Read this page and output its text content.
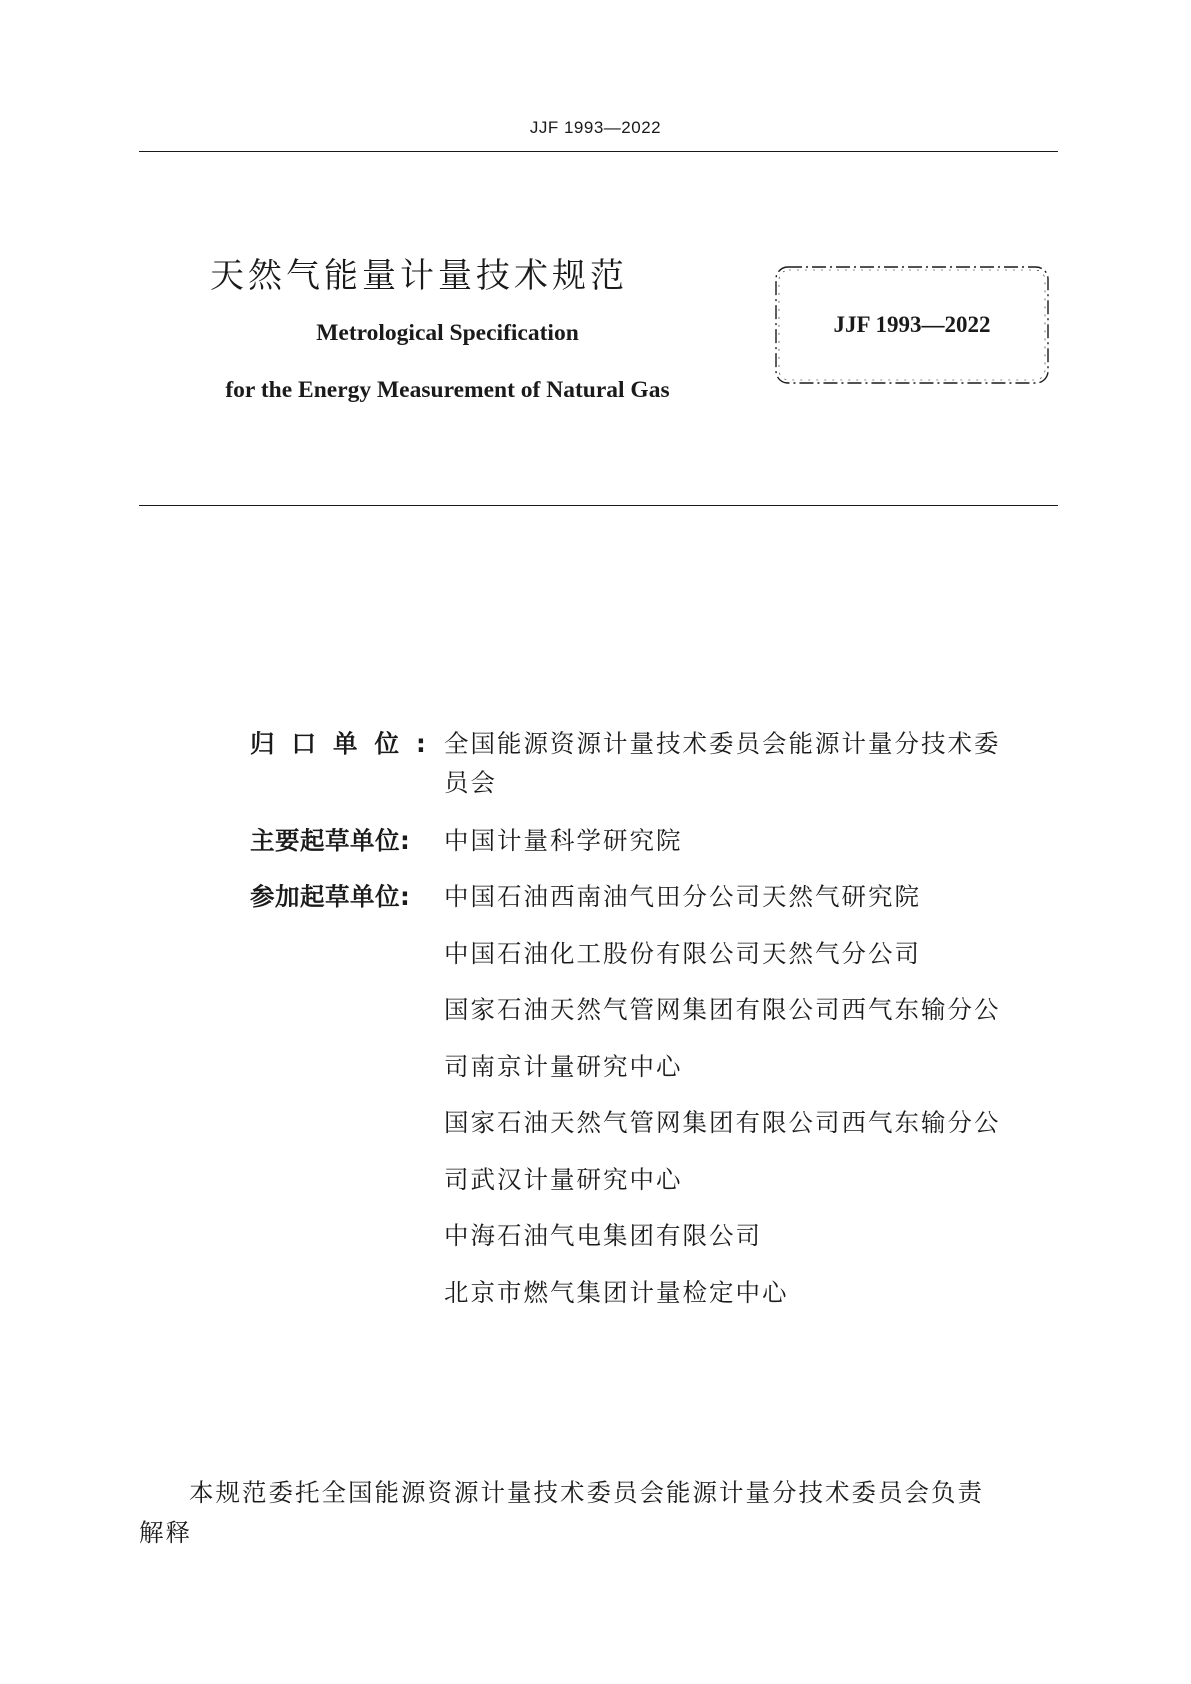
JJF 1993—2022
天然气能量计量技术规范
Metrological Specification
for the Energy Measurement of Natural Gas
JJF 1993—2022
归口单位: 全国能源资源计量技术委员会能源计量分技术委
员会
主要起草单位:	中国计量科学研究院
参加起草单位:	中国石油西南油气田分公司天然气研究院
中国石油化工股份有限公司天然气分公司
国家石油天然气管网集团有限公司西气东输分公
司南京计量研究中心
国家石油天然气管网集团有限公司西气东输分公
司武汉计量研究中心
中海石油气电集团有限公司
北京市燃气集团计量检定中心
本规范委托全国能源资源计量技术委员会能源计量分技术委员会负责
解释
